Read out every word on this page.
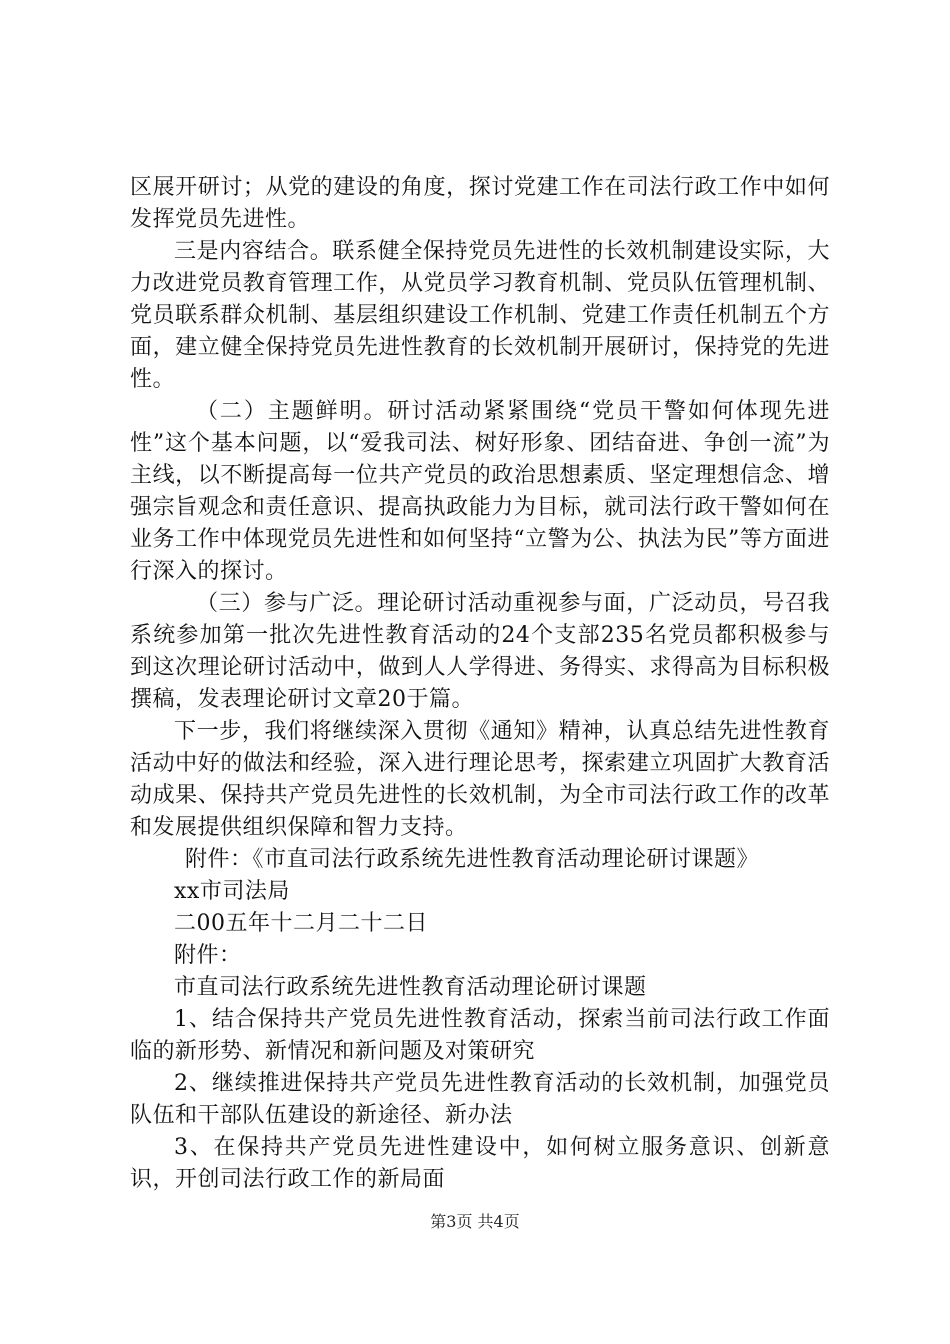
区展开研讨；从党的建设的角度，探讨党建工作在司法行政工作中如何发挥党员先进性。

三是内容结合。联系健全保持党员先进性的长效机制建设实际，大力改进党员教育管理工作，从党员学习教育机制、党员队伍管理机制、党员联系群众机制、基层组织建设工作机制、党建工作责任机制五个方面，建立健全保持党员先进性教育的长效机制开展研讨，保持党的先进性。

（二）主题鲜明。研讨活动紧紧围绕“党员干警如何体现先进性”这个基本问题，以“爱我司法、树好形象、团结奋进、争创一流”为主线，以不断提高每一位共产党员的政治思想素质、坚定理想信念、增强宗旨观念和责任意识、提高执政能力为目标，就司法行政干警如何在业务工作中体现党员先进性和如何坚持“立警为公、执法为民”等方面进行深入的探讨。

（三）参与广泛。理论研讨活动重视参与面，广泛动员，号召我系统参加第一批次先进性教育活动的24个支部235名党员都积极参与到这次理论研讨活动中，做到人人学得进、务得实、求得高为目标积极撰稿，发表理论研讨文章20于篇。

下一步，我们将继续深入贯彻《通知》精神，认真总结先进性教育活动中好的做法和经验，深入进行理论思考，探索建立巩固扩大教育活动成果、保持共产党员先进性的长效机制，为全市司法行政工作的改革和发展提供组织保障和智力支持。

附件：《市直司法行政系统先进性教育活动理论研讨课题》

xx市司法局

二00五年十二月二十二日

附件：

市直司法行政系统先进性教育活动理论研讨课题

1、结合保持共产党员先进性教育活动，探索当前司法行政工作面临的新形势、新情况和新问题及对策研究

2、继续推进保持共产党员先进性教育活动的长效机制，加强党员队伍和干部队伍建设的新途径、新办法

3、在保持共产党员先进性建设中，如何树立服务意识、创新意识，开创司法行政工作的新局面

第3页 共4页
